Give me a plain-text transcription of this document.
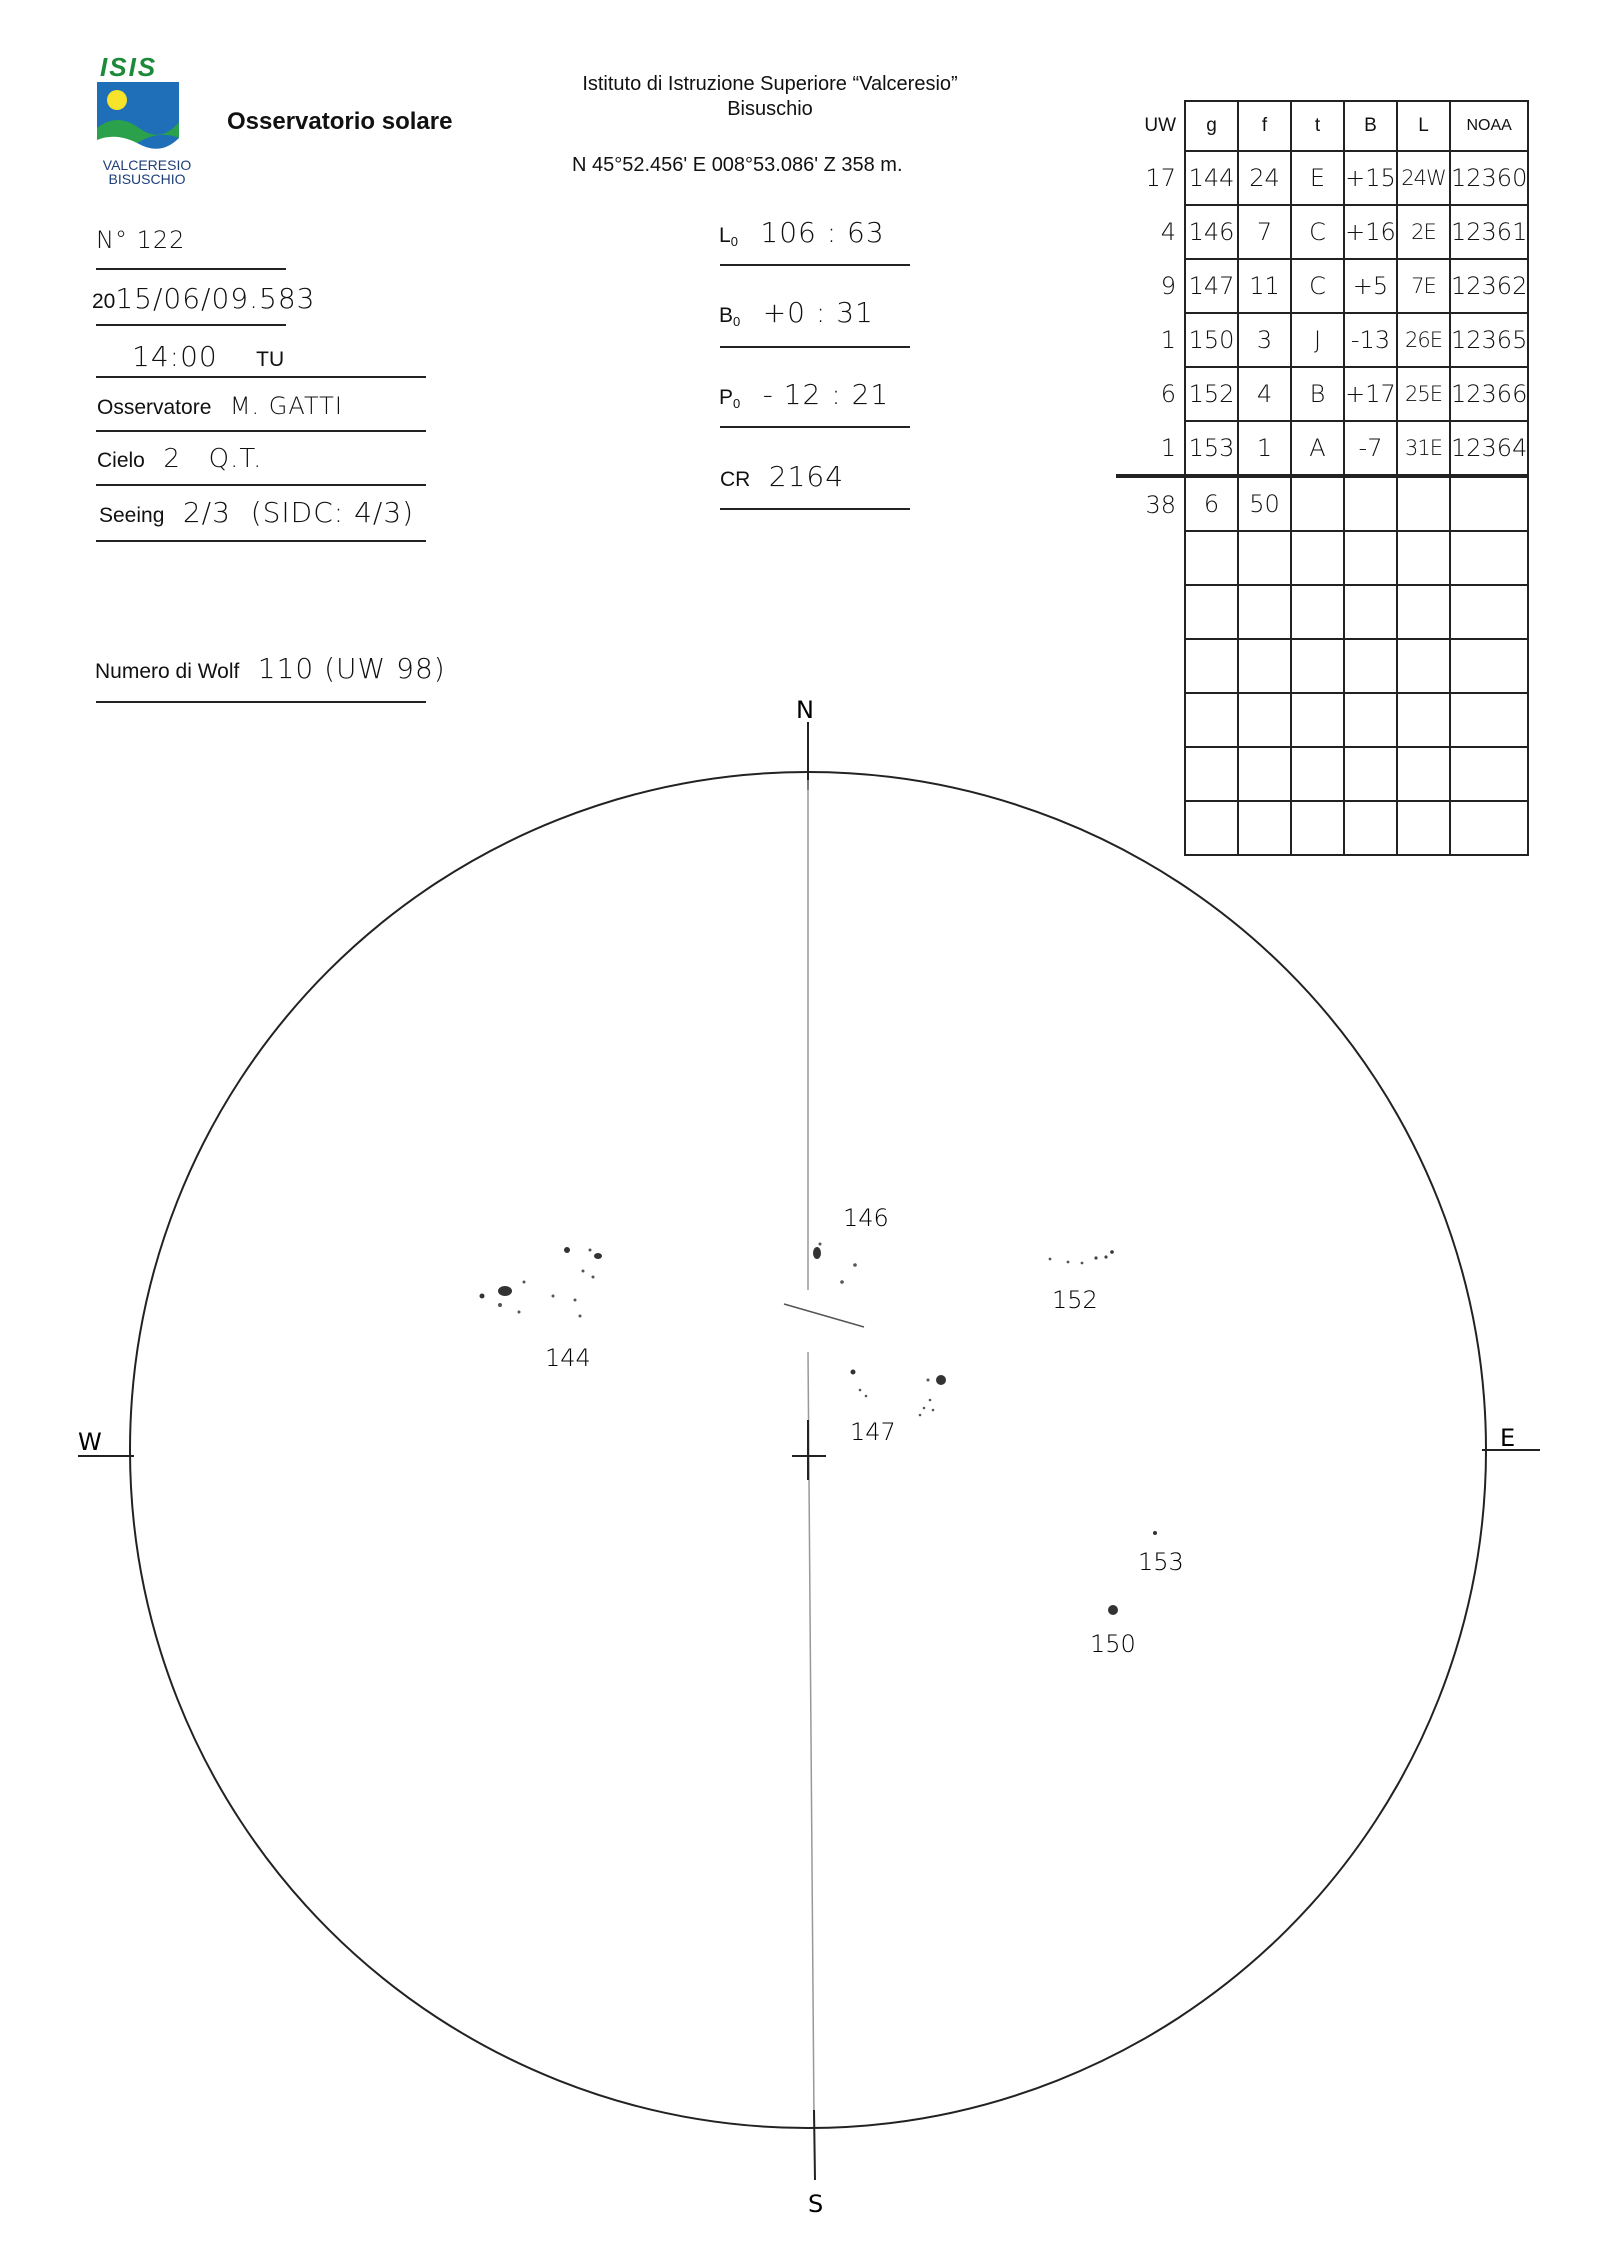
ISIS
VALCERESIO
BISUSCHIO
Osservatorio solare
Istituto di Istruzione Superiore “Valceresio”
Bisuschio
N 45°52.456' E 008°53.086' Z 358 m.
N° 122
2015/06/09.583
14:00 TU
Osservatore M. GATTI
Cielo 2   Q.T.
Seeing 2/3  (SIDC: 4/3)
Numero di Wolf 110 (UW 98)
$L_0$ 106 : 63
$B_0 +0$ : 31
$P_0 - 12$ : 21
CR 2164
UW	g	f	t	B	L	NOAA
17	144	24	E	+15	24W	12360
4	146	7	C	+16	2E	12361
9	147	11	C	+5	7E	12362
1	150	3	J	-13	26E	12365
6	152	4	B	+17	25E	12366
1	153	1	A	-7	31E	12364
38	6	50				

N
S
W	E
144
146
147
152
153
150
